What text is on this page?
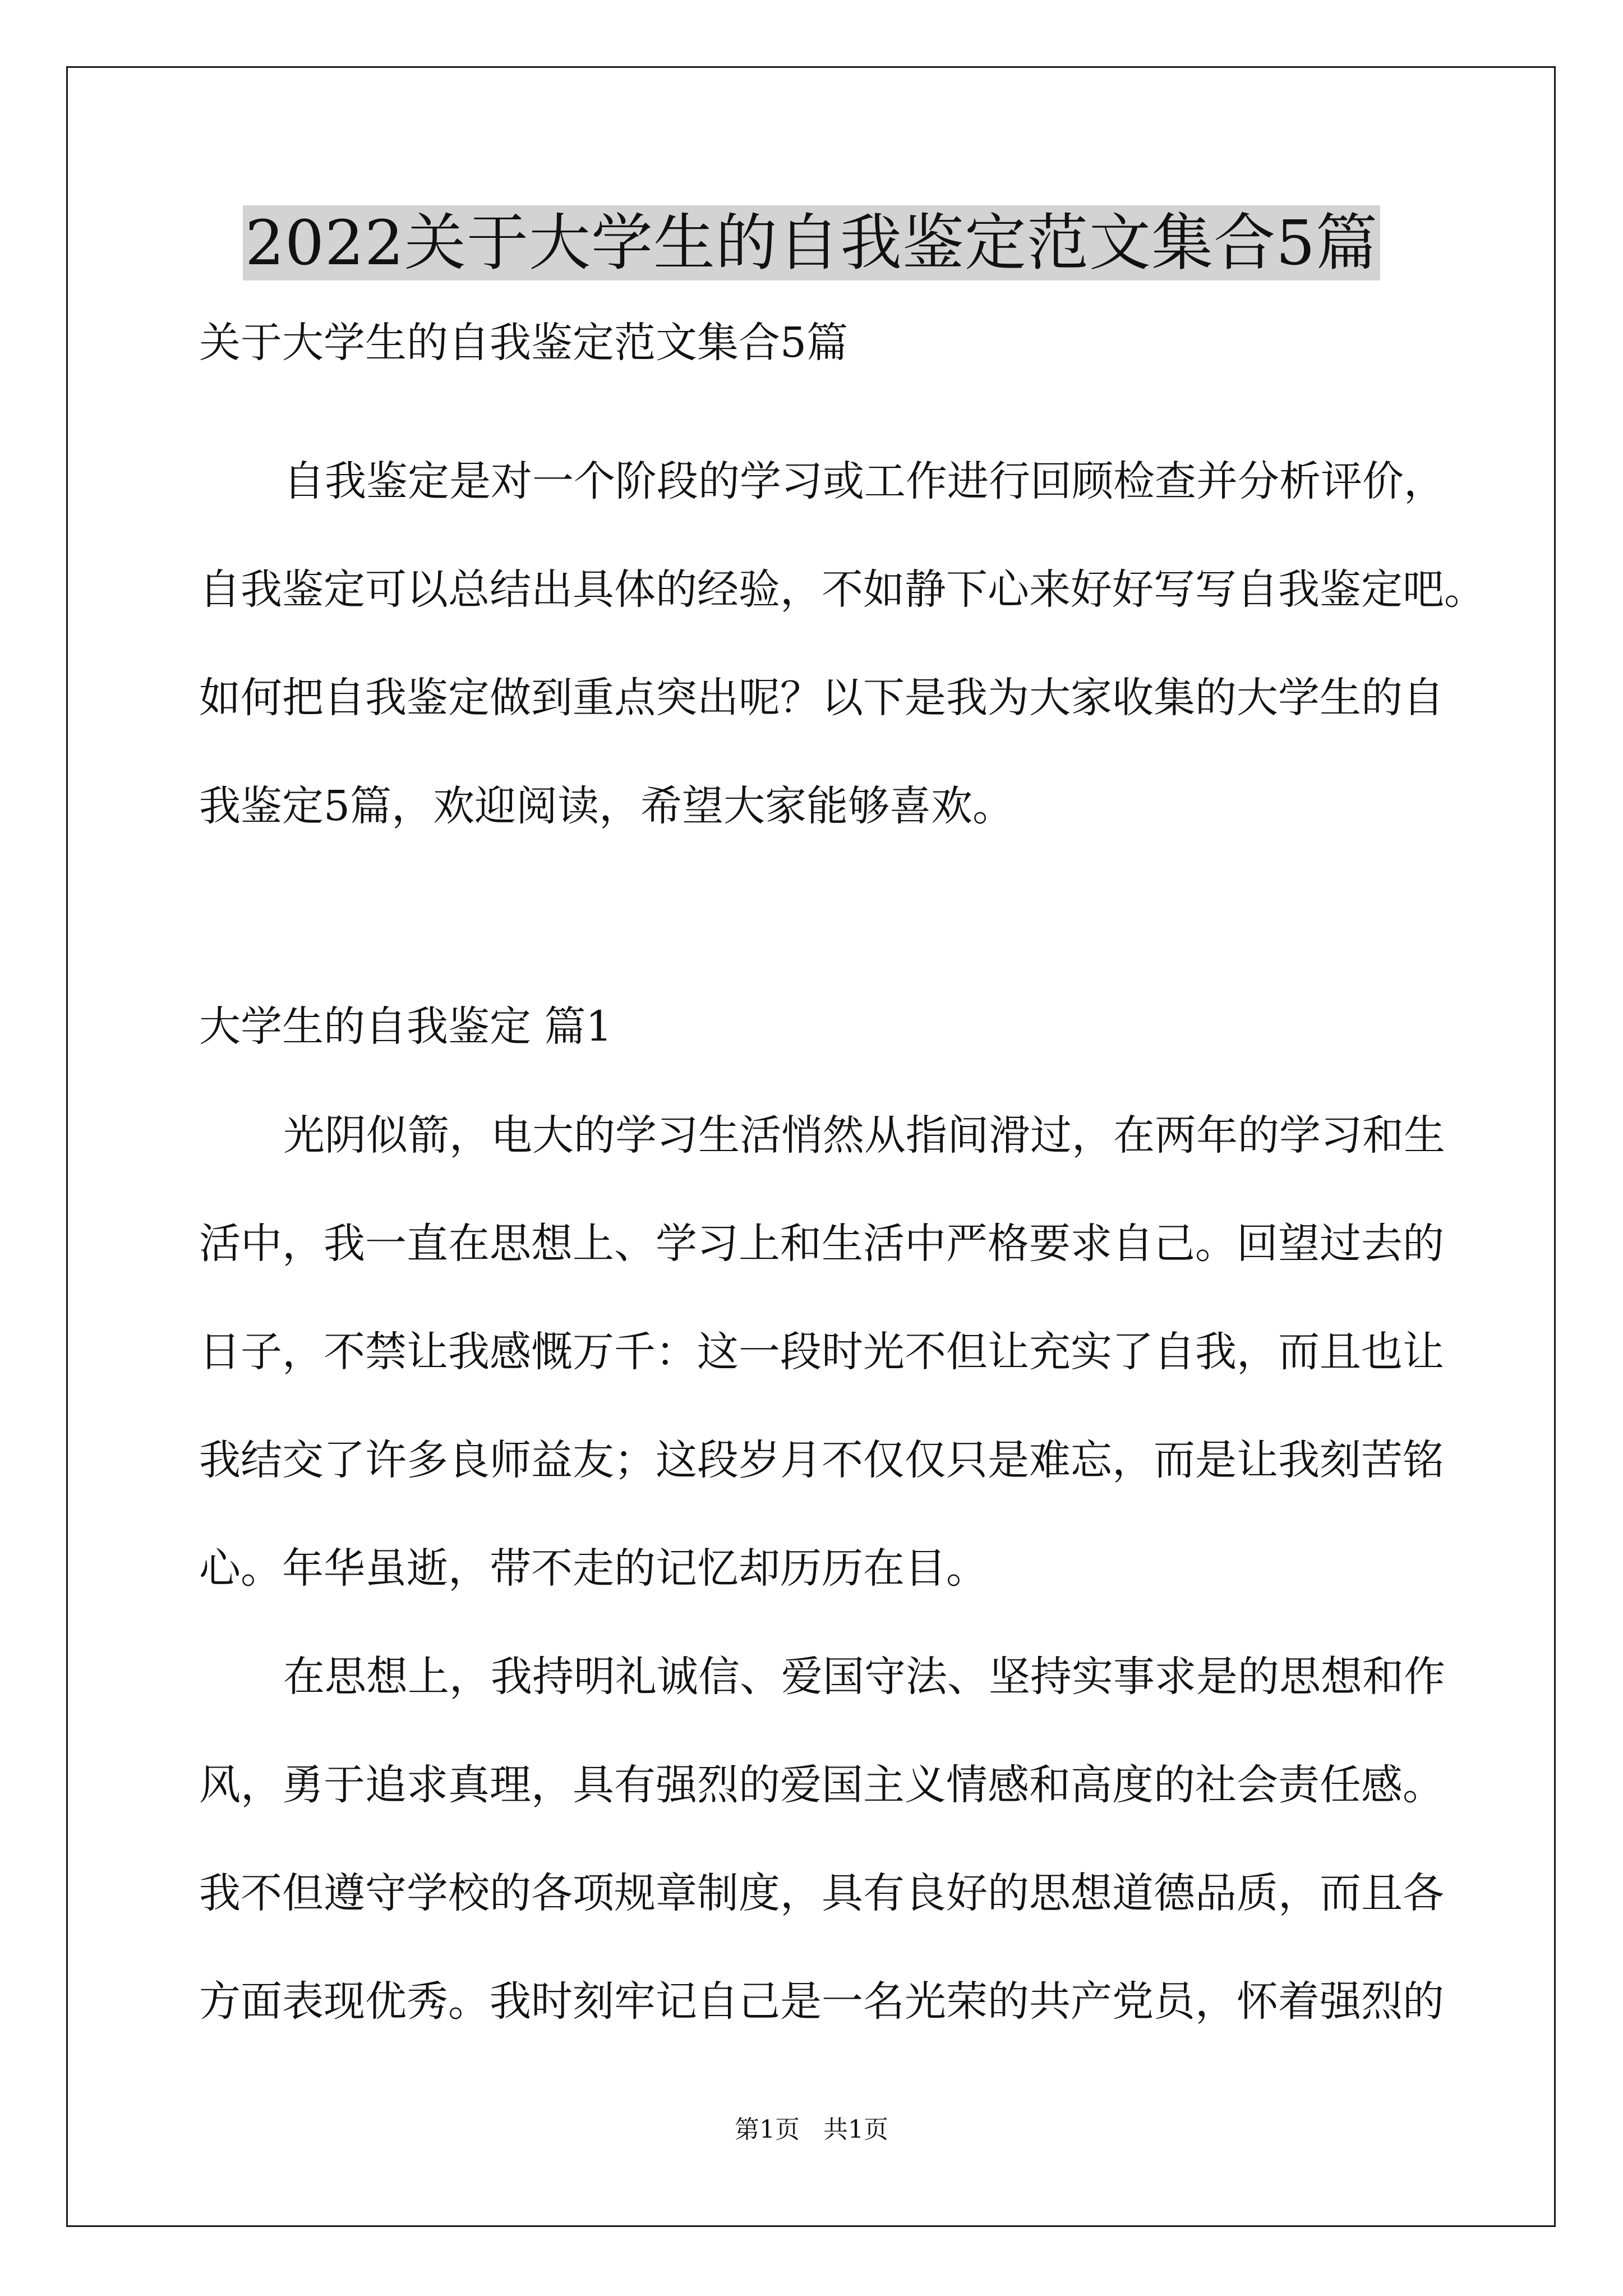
2022关于大学生的自我鉴定范文集合5篇
关于大学生的自我鉴定范文集合5篇
自我鉴定是对一个阶段的学习或工作进行回顾检查并分析评价，
自我鉴定可以总结出具体的经验，不如静下心来好好写写自我鉴定吧。
如何把自我鉴定做到重点突出呢？以下是我为大家收集的大学生的自
我鉴定5篇，欢迎阅读，希望大家能够喜欢。
大学生的自我鉴定 篇1
光阴似箭，电大的学习生活悄然从指间滑过，在两年的学习和生
活中，我一直在思想上、学习上和生活中严格要求自己。回望过去的
日子，不禁让我感慨万千：这一段时光不但让充实了自我，而且也让
我结交了许多良师益友；这段岁月不仅仅只是难忘，而是让我刻苦铭
心。年华虽逝，带不走的记忆却历历在目。
在思想上，我持明礼诚信、爱国守法、坚持实事求是的思想和作
风，勇于追求真理，具有强烈的爱国主义情感和高度的社会责任感。
我不但遵守学校的各项规章制度，具有良好的思想道德品质，而且各
方面表现优秀。我时刻牢记自己是一名光荣的共产党员，怀着强烈的
第1页   共1页
